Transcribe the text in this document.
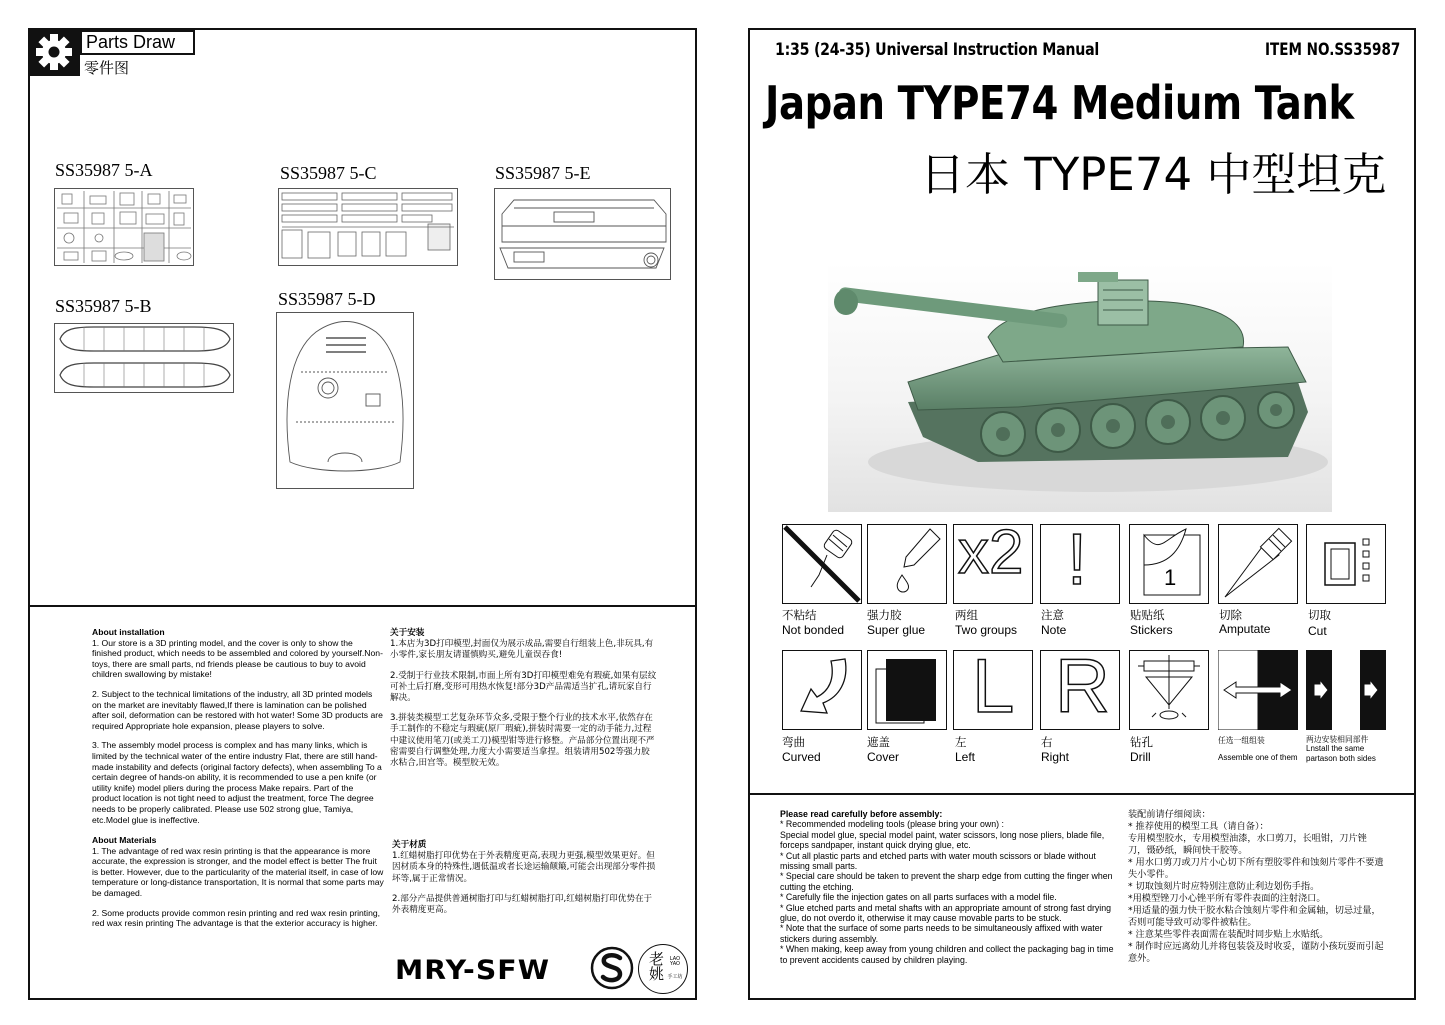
Parts Draw
零件图
SS35987 5-A	SS35987 5-C	SS35987 5-E
SS35987 5-B	SS35987 5-D
About installation

1. Our store is a 3D printing model, and the cover is only to show the finished product, which needs to be assembled and colored by yourself.Non-toys, there are small parts, nd friends please be cautious to buy to avoid children swallowing by mistake!

2. Subject to the technical limitations of the industry, all 3D printed models on the market are inevitably flawed,If there is lamination can be polished after soil, deformation can be restored with hot water! Some 3D products are required Appropriate hole expansion, please players to solve.

3. The assembly model process is complex and has many links, which is limited by the technical water of the entire industry Flat, there are still hand-made instability and defects (original factory defects), when assembling To a certain degree of hands-on ability, it is recommended to use a pen knife (or utility knife) model pliers during the process Make repairs. Part of the product location is not tight need to adjust the treatment, force The degree needs to be properly calibrated. Please use 502 strong glue, Tamiya, etc.Model glue is ineffective.

About Materials

1. The advantage of red wax resin printing is that the appearance is more accurate, the expression is stronger, and the model effect is better The fruit is better. However, due to the particularity of the material itself, in case of low temperature or long-distance transportation, It is normal that some parts may be damaged.

2. Some products provide common resin printing and red wax resin printing, red wax resin printing The advantage is that the exterior accuracy is higher.

关于安装

1.本店为3D打印模型,封面仅为展示成品,需要自行组装上色,非玩具,有小零件,家长朋友请谨慎购买,避免儿童误吞食!

2.受制于行业技术限制,市面上所有3D打印模型难免有瑕疵,如果有层纹可补土后打磨,变形可用热水恢复!部分3D产品需适当扩孔,请玩家自行解决。

3.拼装类模型工艺复杂环节众多,受限于整个行业的技术水平,依然存在手工制作的不稳定与瑕疵(原厂瑕疵),拼装时需要一定的动手能力,过程中建议使用笔刀(或美工刀)模型钳等进行修整。产品部分位置出现不严密需要自行调整处理,力度大小需要适当拿捏。组装请用502等强力胶水粘合,田宫等。模型胶无效。

关于材质

1.红蜡树脂打印优势在于外表精度更高,表现力更强,模型效果更好。但因材质本身的特殊性,遇低温或者长途运输颠簸,可能会出现部分零件损坏等,属于正常情况。

2.部分产品提供普通树脂打印与红蜡树脂打印,红蜡树脂打印优势在于外表精度更高。

MRY-SFW	老姚 LAO YAO
手工坊
1:35 (24-35) Universal Instruction Manual	ITEM NO.SS35987
Japan TYPE74 Medium Tank
日本 TYPE74 中型坦克
x2 !	1
不粘结
Not bonded
强力胶
Super glue
两组
Two groups
注意
Note
贴贴纸
Stickers
切除
Amputate
切取
Cut
L R
弯曲
Curved
遮盖
Cover
左
Left
右
Right
钻孔
Drill
任选一组组装
Assemble one of them
两边安装相同部件
Lnstall the same partason both sides
Please read carefully before assembly:
* Recommended modeling tools (please bring your own) :
Special model glue, special model paint, water scissors, long nose pliers, blade file, forceps sandpaper, instant quick drying glue, etc.
* Cut all plastic parts and etched parts with water mouth scissors or blade without missing small parts.
* Special care should be taken to prevent the sharp edge from cutting the finger when cutting the etching.
* Carefully file the injection gates on all parts surfaces with a model file.
* Glue etched parts and metal shafts with an appropriate amount of strong fast drying glue, do not overdo it, otherwise it may cause movable parts to be stuck.
* Note that the surface of some parts needs to be simultaneously affixed with water stickers during assembly.
* When making, keep away from young children and collect the packaging bag in time to prevent accidents caused by children playing.
装配前请仔细阅读：
* 推荐使用的模型工具（请自备）：
专用模型胶水，专用模型油漆，水口剪刀，长咀钳，刀片锉刀，镊砂纸，瞬间快干胶等。
* 用水口剪刀或刀片小心切下所有塑胶零件和蚀刻片零件不要遗失小零件。
* 切取蚀刻片时应特别注意防止利边划伤手指。
*用模型锉刀小心锉平所有零件表面的注射浇口。
*用适量的强力快干胶水粘合蚀刻片零件和金属轴，切忌过量，否则可能导致可动零件被粘住。
* 注意某些零件表面需在装配时同步贴上水贴纸。
* 制作时应远离幼儿并将包装袋及时收妥，谨防小孩玩耍而引起意外。
